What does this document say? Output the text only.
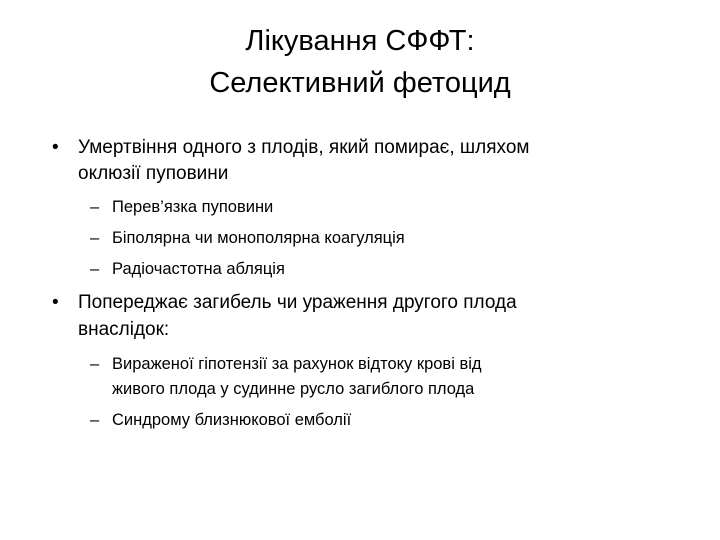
Лікування СФФТ:
Селективний фетоцид
• Умертвіння одного з плодів, який помирає, шляхом
оклюзії пуповини
– Перев’язка пуповини
– Біполярна чи монополярна коагуляція
– Радіочастотна абляція
• Попереджає загибель чи ураження другого плода
внаслідок:
– Вираженої гіпотензії за рахунок відтоку крові від
живого плода у судинне русло загиблого плода
– Синдрому близнюкової емболії
